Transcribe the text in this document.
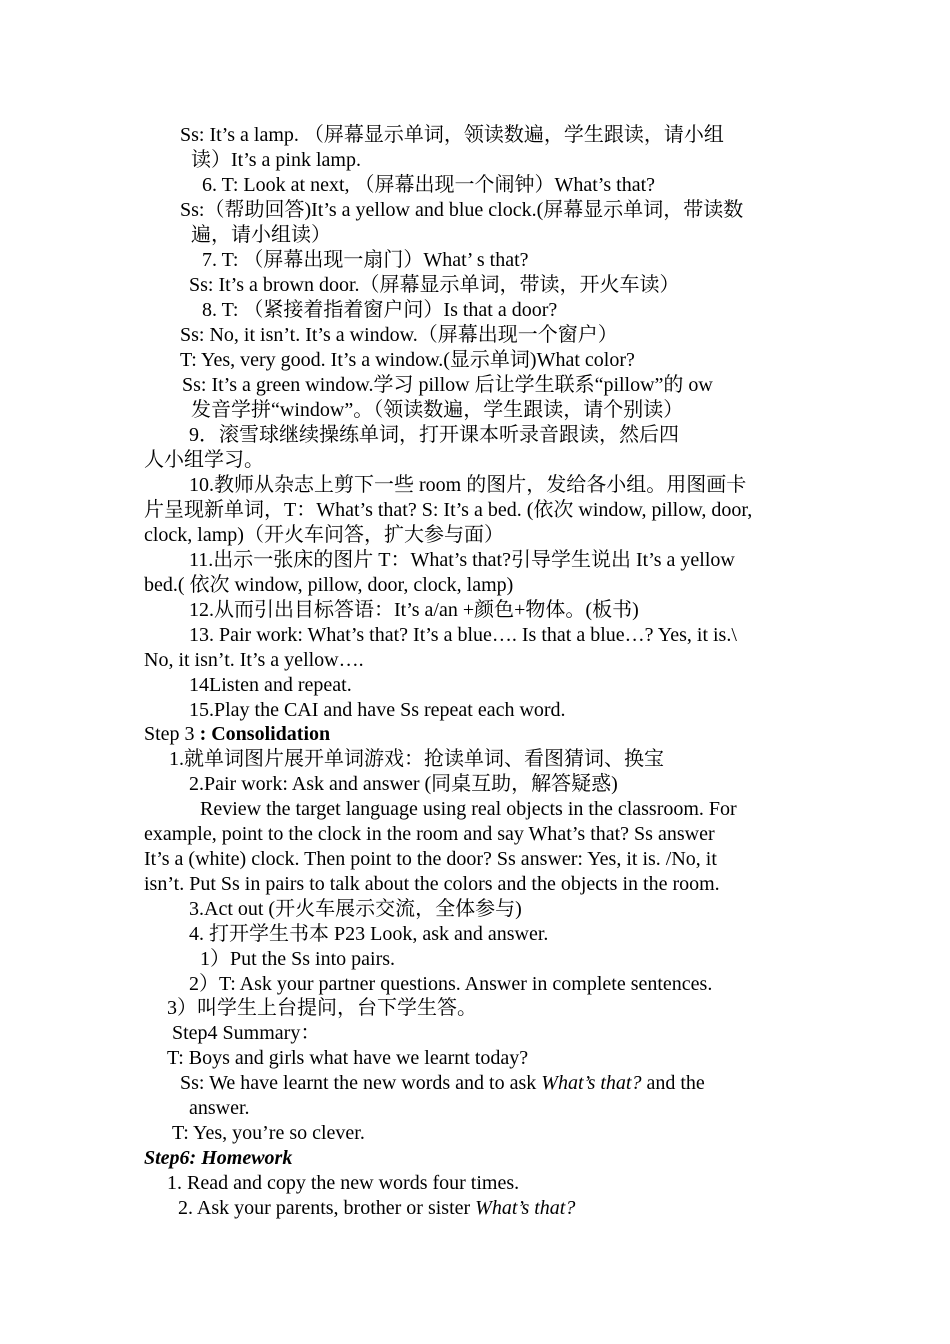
Ss: It’s a lamp. （屏幕显示单词，领读数遍，学生跟读，请小组
读）It’s a pink lamp.
6. T: Look at next, （屏幕出现一个闹钟）What’s that?
Ss:（帮助回答)It’s a yellow and blue clock.(屏幕显示单词，带读数
遍，请小组读）
7. T: （屏幕出现一扇门）What’ s that?
Ss: It’s a brown door.（屏幕显示单词，带读，开火车读）
8. T: （紧接着指着窗户问）Is that a door?
Ss: No, it isn’t. It’s a window.（屏幕出现一个窗户）
T: Yes, very good. It’s a window.(显示单词)What color?
Ss: It’s a green window.学习 pillow 后让学生联系“pillow”的 ow
发音学拼“window”。（领读数遍，学生跟读，请个别读）
9．滚雪球继续操练单词，打开课本听录音跟读，然后四
人小组学习。
10.教师从杂志上剪下一些 room 的图片，发给各小组。用图画卡
片呈现新单词，T：What’s that? S: It’s a bed. (依次 window, pillow, door,
clock, lamp)（开火车问答，扩大参与面）
11.出示一张床的图片 T：What’s that?引导学生说出 It’s a yellow
bed.( 依次 window, pillow, door, clock, lamp)
12.从而引出目标答语：It’s a/an +颜色+物体。(板书)
13. Pair work: What’s that? It’s a blue…. Is that a blue…? Yes, it is.\
No, it isn’t. It’s a yellow….
14Listen and repeat.
15.Play the CAI and have Ss repeat each word.
Step 3 : Consolidation
1.就单词图片展开单词游戏：抢读单词、看图猜词、换宝
2.Pair work: Ask and answer (同桌互助，解答疑惑)
Review the target language using real objects in the classroom. For
example, point to the clock in the room and say What’s that? Ss answer
It’s a (white) clock. Then point to the door? Ss answer: Yes, it is. /No, it
isn’t. Put Ss in pairs to talk about the colors and the objects in the room.
3.Act out (开火车展示交流，全体参与)
4. 打开学生书本 P23 Look, ask and answer.
1）Put the Ss into pairs.
2）T: Ask your partner questions. Answer in complete sentences.
3）叫学生上台提问，台下学生答。
Step4 Summary：
T: Boys and girls what have we learnt today?
Ss: We have learnt the new words and to ask What’s that? and the
answer.
T: Yes, you’re so clever.
Step6: Homework
1. Read and copy the new words four times.
2. Ask your parents, brother or sister What’s that?
